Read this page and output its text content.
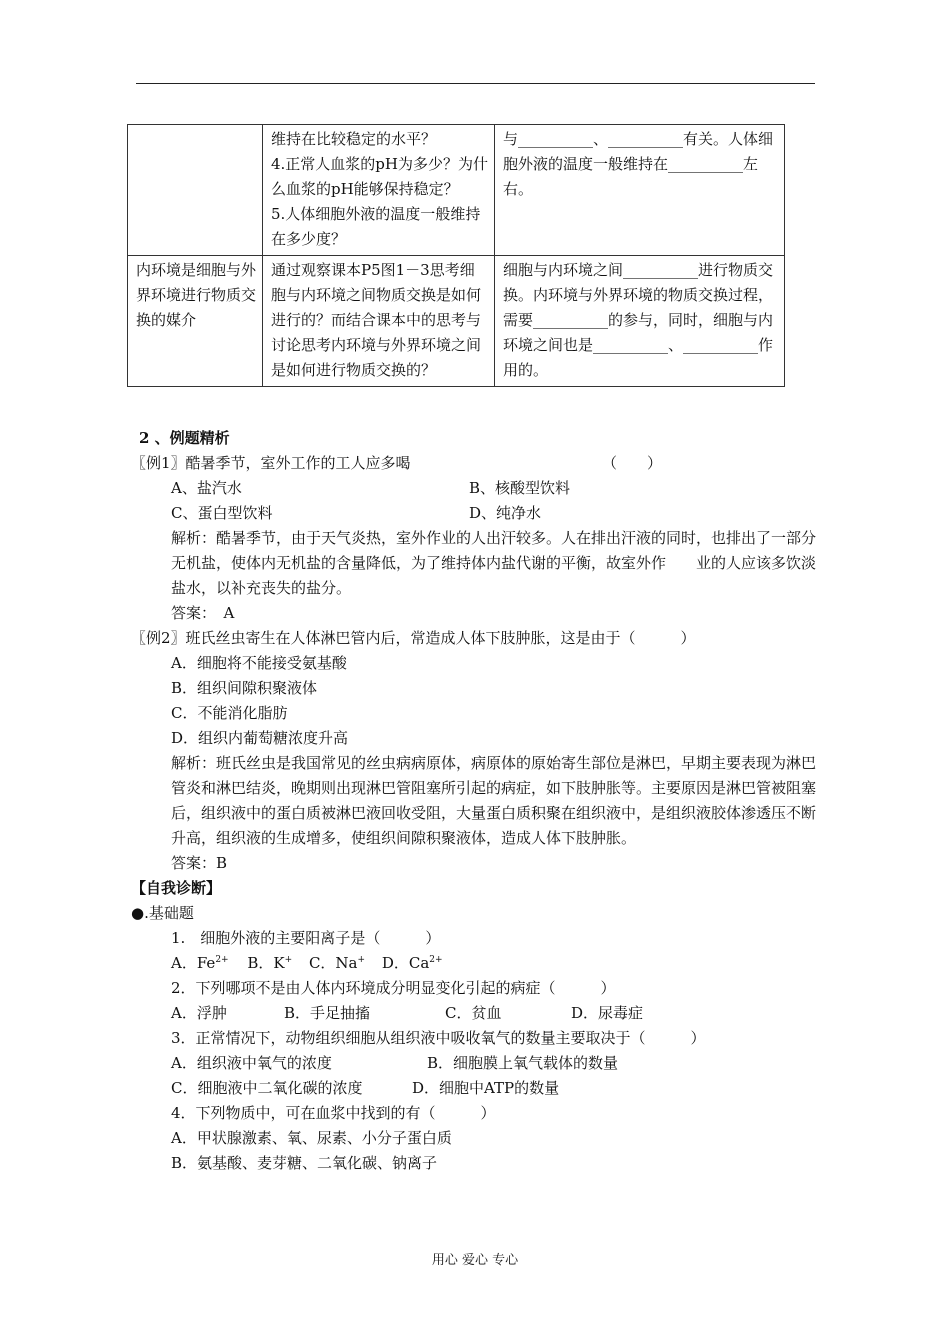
	维持在比较稳定的水平？
4.正常人血浆的pH为多少？为什么血浆的pH能够保持稳定？
5.人体细胞外液的温度一般维持在多少度？	与__________、__________有关。人体细胞外液的温度一般维持在__________左右。
内环境是细胞与外界环境进行物质交换的媒介	通过观察课本P5图1－3思考细胞与内环境之间物质交换是如何进行的？而结合课本中的思考与讨论思考内环境与外界环境之间是如何进行物质交换的？	细胞与内环境之间__________进行物质交换。内环境与外界环境的物质交换过程，需要__________的参与，同时，细胞与内环境之间也是__________、__________作用的。
2 、例题精析
〖例1〗酷暑季节，室外工作的工人应多喝	（　　）
A、盐汽水	B、核酸型饮料
C、蛋白型饮料	D、纯净水
解析：酷暑季节，由于天气炎热，室外作业的人出汗较多。人在排出汗液的同时，也排出了一部分无机盐，使体内无机盐的含量降低，为了维持体内盐代谢的平衡，故室外作　　业的人应该多饮淡盐水，以补充丧失的盐分。
答案：　A
〖例2〗班氏丝虫寄生在人体淋巴管内后，常造成人体下肢肿胀，这是由于（　　　）
A．细胞将不能接受氨基酸
B．组织间隙积聚液体
C．不能消化脂肪
D．组织内葡萄糖浓度升高
解析：班氏丝虫是我国常见的丝虫病病原体，病原体的原始寄生部位是淋巴，早期主要表现为淋巴管炎和淋巴结炎，晚期则出现淋巴管阻塞所引起的病症，如下肢肿胀等。主要原因是淋巴管被阻塞后，组织液中的蛋白质被淋巴液回收受阻，大量蛋白质积聚在组织液中，是组织液胶体渗透压不断升高，组织液的生成增多，使组织间隙积聚液体，造成人体下肢肿胀。
答案：B
【自我诊断】
●.基础题
1.　细胞外液的主要阳离子是（　　　）
A．$Fe^{2+}$ B．K+ C．Na+ D．$Ca^{2+}$
2．下列哪项不是由人体内环境成分明显变化引起的病症（　　　）
A．浮肿	B．手足抽搐	C．贫血	D．尿毒症
3．正常情况下，动物组织细胞从组织液中吸收氧气的数量主要取决于（　　　）
A．组织液中氧气的浓度	B．细胞膜上氧气载体的数量
C．细胞液中二氧化碳的浓度	D．细胞中ATP的数量
4．下列物质中，可在血浆中找到的有（　　　）
A．甲状腺激素、氧、尿素、小分子蛋白质
B．氨基酸、麦芽糖、二氧化碳、钠离子
用心 爱心 专心
